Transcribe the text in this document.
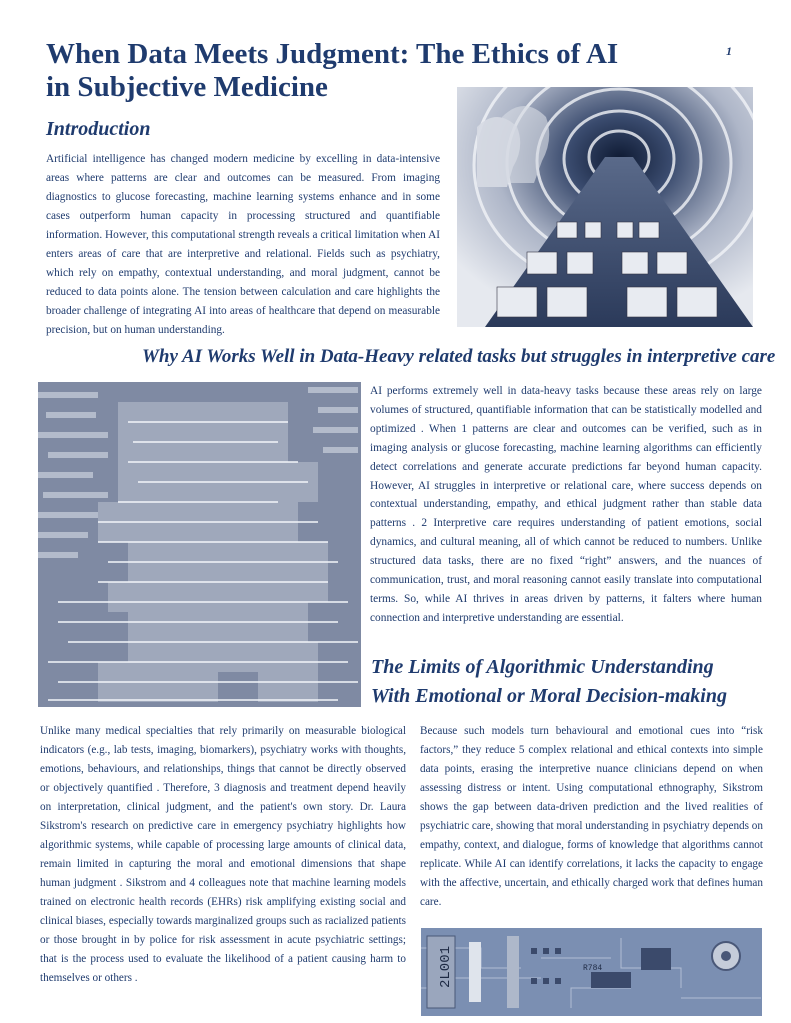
When Data Meets Judgment: The Ethics of AI in Subjective Medicine
1
Introduction

Artificial intelligence has changed modern medicine by excelling in data-intensive areas where patterns are clear and outcomes can be measured. From imaging diagnostics to glucose forecasting, machine learning systems enhance and in some cases outperform human capacity in processing structured and quantifiable information. However, this computational strength reveals a critical limitation when AI enters areas of care that are interpretive and relational. Fields such as psychiatry, which rely on empathy, contextual understanding, and moral judgment, cannot be reduced to data points alone. The tension between calculation and care highlights the broader challenge of integrating AI into areas of healthcare that depend on measurable precision, but on human understanding.

Why AI Works Well in Data-Heavy related tasks but struggles in interpretive care

AI performs extremely well in data-heavy tasks because these areas rely on large volumes of structured, quantifiable information that can be statistically modelled and optimized . When 1 patterns are clear and outcomes can be verified, such as in imaging analysis or glucose forecasting, machine learning algorithms can efficiently detect correlations and generate accurate predictions far beyond human capacity. However, AI struggles in interpretive or relational care, where success depends on contextual understanding, empathy, and ethical judgment rather than stable data patterns . 2 Interpretive care requires understanding of patient emotions, social dynamics, and cultural meaning, all of which cannot be reduced to numbers. Unlike structured data tasks, there are no fixed “right” answers, and the nuances of communication, trust, and moral reasoning cannot easily translate into computational terms. So, while AI thrives in areas driven by patterns, it falters where human connection and interpretive understanding are essential.

The Limits of Algorithmic Understanding
With Emotional or Moral Decision-making

Unlike many medical specialties that rely primarily on measurable biological indicators (e.g., lab tests, imaging, biomarkers), psychiatry works with thoughts, emotions, behaviours, and relationships, things that cannot be directly observed or objectively quantified . Therefore, 3 diagnosis and treatment depend heavily on interpretation, clinical judgment, and the patient's own story. Dr. Laura Sikstrom's research on predictive care in emergency psychiatry highlights how algorithmic systems, while capable of processing large amounts of clinical data, remain limited in capturing the moral and emotional dimensions that shape human judgment . Sikstrom and 4 colleagues note that machine learning models trained on electronic health records (EHRs) risk amplifying existing social and clinical biases, especially towards marginalized groups such as racialized patients or those brought in by police for risk assessment in acute psychiatric settings; that is the process used to evaluate the likelihood of a patient causing harm to themselves or others .

Because such models turn behavioural and emotional cues into “risk factors,” they reduce 5 complex relational and ethical contexts into simple data points, erasing the interpretive nuance clinicians depend on when assessing distress or intent. Using computational ethnography, Sikstrom shows the gap between data-driven prediction and the lived realities of psychiatric care, showing that moral understanding in psychiatry depends on empathy, context, and dialogue, forms of knowledge that algorithms cannot replicate. While AI can identify correlations, it lacks the capacity to engage with the affective, uncertain, and ethically charged work that defines human care.

2L001	R784
